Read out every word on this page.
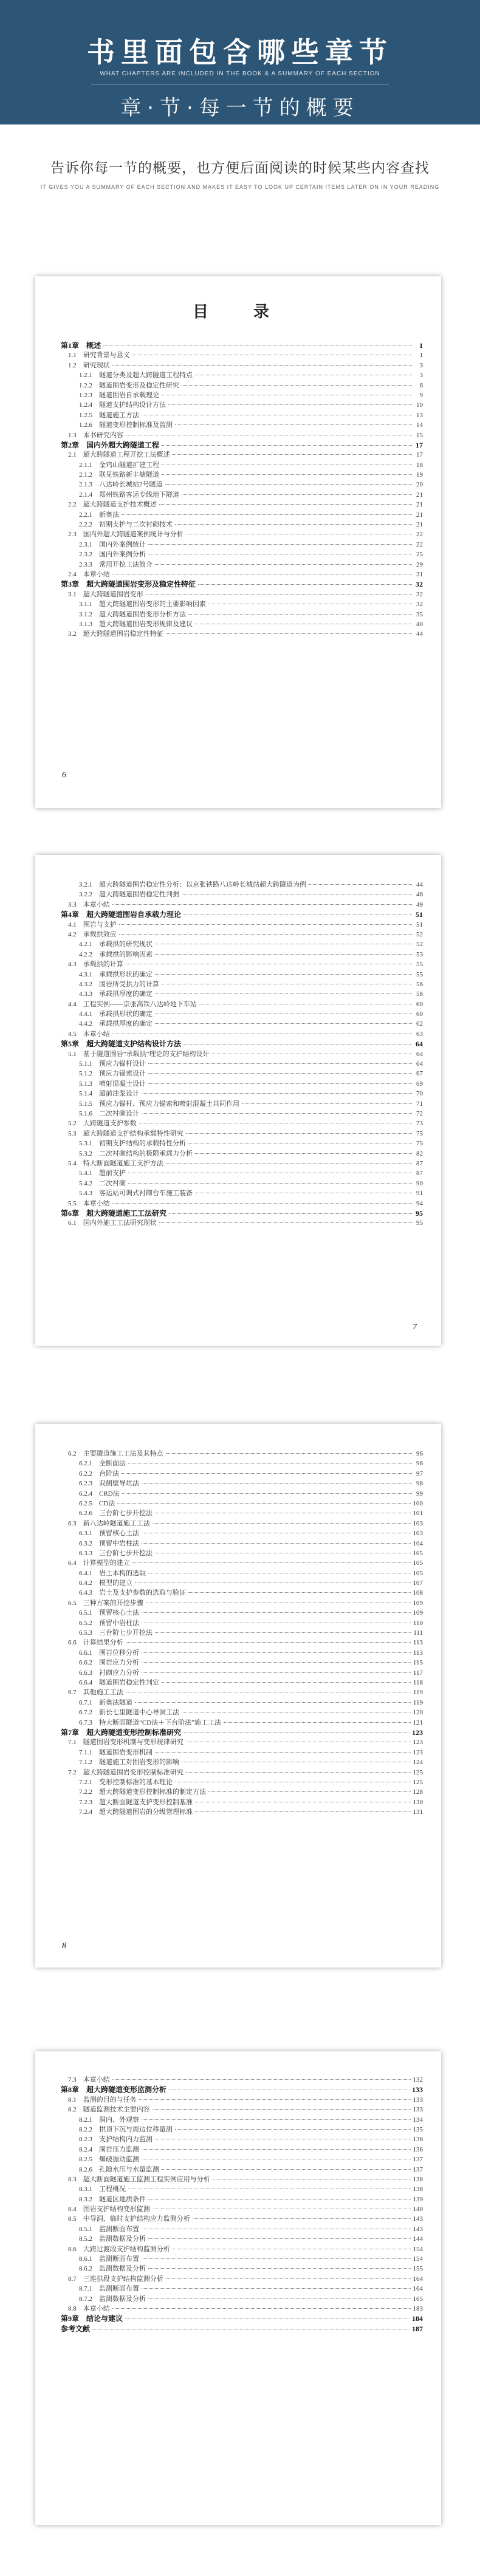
书里面包含哪些章节
WHAT CHAPTERS ARE INCLUDED IN THE BOOK & A SUMMARY OF EACH SECTION
章·节·每一节的概要
告诉你每一节的概要，也方便后面阅读的时候某些内容查找
IT GIVES YOU A SUMMARY OF EACH SECTION AND MAKES IT EASY TO LOOK UP CERTAIN ITEMS LATER ON IN YOUR READING
目　录
第1章　概述	1
1.1　研究背景与意义	1
1.2　研究现状	3
1.2.1　隧道分类及超大跨隧道工程特点	3
1.2.2　隧道围岩变形及稳定性研究	6
1.2.3　隧道围岩自承载理论	9
1.2.4　隧道支护结构设计方法	10
1.2.5　隧道施工方法	13
1.2.6　隧道变形控制标准及监测	14
1.3　本书研究内容	15
第2章　国内外超大跨隧道工程	17
2.1　超大跨隧道工程开挖工法概述	17
2.1.1　金鸡山隧道扩建工程	18
2.1.2　联见铁路新丰塘隧道	19
2.1.3　八达岭长城站2号隧道	20
2.1.4　郑州铁路客运专线地下隧道	21
2.2　超大跨隧道支护技术概述	21
2.2.1　新奥法	21
2.2.2　初期支护与二次衬砌技术	21
2.3　国内外超大跨隧道案例统计与分析	22
2.3.1　国内外案例统计	22
2.3.2　国内外案例分析	25
2.3.3　常用开挖工法简介	29
2.4　本章小结	31
第3章　超大跨隧道围岩变形及稳定性特征	32
3.1　超大跨隧道围岩变形	32
3.1.1　超大跨隧道围岩变形的主要影响因素	32
3.1.2　超大跨隧道围岩变形分析方法	35
3.1.3　超大跨隧道围岩变形规律及建议	40
3.2　超大跨隧道围岩稳定性特征	44
6
3.2.1　超大跨隧道围岩稳定性分析：以京张铁路八达岭长城站超大跨隧道为例	44
3.2.2　超大跨隧道围岩稳定性判据	46
3.3　本章小结	49
第4章　超大跨隧道围岩自承载力理论	51
4.1　围岩与支护	51
4.2　承载拱效应	52
4.2.1　承载拱的研究现状	52
4.2.2　承载拱的影响因素	53
4.3　承载拱的计算	55
4.3.1　承载拱形状的确定	55
4.3.2　围岩所受拱力的计算	56
4.3.3　承载拱厚度的确定	58
4.4　工程实例——京张高铁八达岭地下车站	60
4.4.1　承载拱形状的确定	60
4.4.2　承载拱厚度的确定	62
4.5　本章小结	63
第5章　超大跨隧道支护结构设计方法	64
5.1　基于隧道围岩“承载拱”理论的支护结构设计	64
5.1.1　预应力锚杆设计	64
5.1.2　预应力锚索设计	67
5.1.3　喷射混凝土设计	69
5.1.4　超前注浆设计	70
5.1.5　预应力锚杆、预应力锚索和喷射混凝土共同作用	71
5.1.6　二次衬砌设计	72
5.2　大跨隧道支护参数	73
5.3　超大跨隧道支护结构承载特性研究	75
5.3.1　初期支护结构的承载特性分析	75
5.3.2　二次衬砌结构的极限承载力分析	82
5.4　特大断面隧道施工支护方法	87
5.4.1　超前支护	87
5.4.2　二次衬砌	90
5.4.3　客运站可调式衬砌台车施工装备	91
5.5　本章小结	94
第6章　超大跨隧道施工工法研究	95
6.1　国内外施工工法研究现状	95
7
6.2　主要隧道施工工法及其特点	96
6.2.1　全断面法	96
6.2.2　台阶法	97
6.2.3　双侧壁导坑法	98
6.2.4　CRD法	99
6.2.5　CD法	100
6.2.6　三台阶七步开挖法	101
6.3　新八达岭隧道施工工法	103
6.3.1　预留核心土法	103
6.3.2　预留中岩柱法	104
6.3.3　三台阶七步开挖法	105
6.4　计算模型的建立	105
6.4.1　岩土本构的选取	105
6.4.2　模型的建立	107
6.4.3　岩土及支护参数的选取与验证	108
6.5　三种方案的开挖步骤	109
6.5.1　预留核心土法	109
6.5.2　预留中岩柱法	110
6.5.3　三台阶七步开挖法	111
6.6　计算结果分析	113
6.6.1　围岩位移分析	113
6.6.2　围岩应力分析	115
6.6.3　衬砌应力分析	117
6.6.4　隧道围岩稳定性判定	118
6.7　其他施工工法	119
6.7.1　新奥法隧道	119
6.7.2　新长七里隧道中心导洞工法	120
6.7.3　特大断面隧道“CD法＋下台阶法”施工工法	121
第7章　超大跨隧道变形控制标准研究	123
7.1　隧道围岩变形机制与变形规律研究	123
7.1.1　隧道围岩变形机制	123
7.1.2　隧道施工对围岩变形的影响	124
7.2　超大跨隧道围岩变形控制标准研究	125
7.2.1　变形控制标准的基本理论	125
7.2.2　超大跨隧道变形控制标准的制定方法	128
7.2.3　超大断面隧道支护变形控制基准	130
7.2.4　超大跨隧道围岩的分级管理标准	131
8
7.3　本章小结	132
第8章　超大跨隧道变形监测分析	133
8.1　监测的目的与任务	133
8.2　隧道监测技术主要内容	133
8.2.1　洞内、外观察	134
8.2.2　拱顶下沉与周边位移量测	135
8.2.3　支护结构内力监测	136
8.2.4　围岩压力监测	136
8.2.5　爆破振动监测	137
8.2.6　孔隙水压与水量监测	137
8.3　超大断面隧道施工监测工程实例应用与分析	138
8.3.1　工程概况	138
8.3.2　隧道区地质条件	139
8.4　围岩支护结构变形监测	140
8.5　中导洞、临时支护结构应力监测分析	143
8.5.1　监测断面布置	143
8.5.2　监测数据及分析	144
8.6　大跨过渡段支护结构监测分析	154
8.6.1　监测断面布置	154
8.6.2　监测数据及分析	155
8.7　三连拱段支护结构监测分析	164
8.7.1　监测断面布置	164
8.7.2　监测数据及分析	165
8.8　本章小结	183
第9章　结论与建议	184
参考文献	187
